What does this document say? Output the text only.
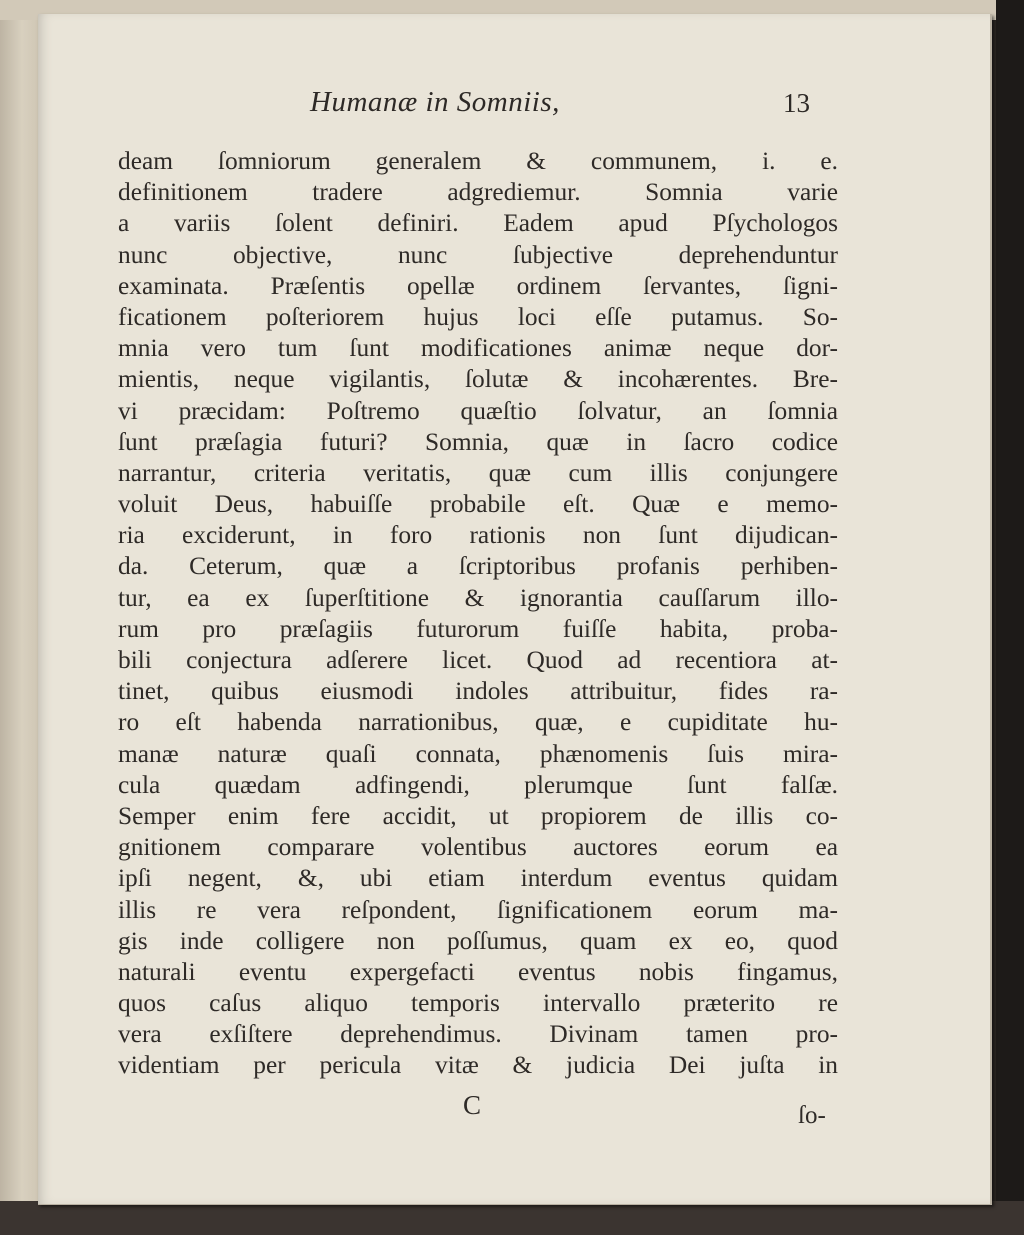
Humanæ in Somniis,	13
deam ſomniorum generalem & communem, i. e.
definitionem tradere adgrediemur. Somnia varie
a variis ſolent definiri. Eadem apud Pſychologos
nunc objective, nunc ſubjective deprehenduntur
examinata. Præſentis opellæ ordinem ſervantes, ſigni-
ficationem poſteriorem hujus loci eſſe putamus. So-
mnia vero tum ſunt modificationes animæ neque dor-
mientis, neque vigilantis, ſolutæ & incohærentes. Bre-
vi præcidam: Poſtremo quæſtio ſolvatur, an ſomnia
ſunt præſagia futuri? Somnia, quæ in ſacro codice
narrantur, criteria veritatis, quæ cum illis conjungere
voluit Deus, habuiſſe probabile eſt. Quæ e memo-
ria exciderunt, in foro rationis non ſunt dijudican-
da. Ceterum, quæ a ſcriptoribus profanis perhiben-
tur, ea ex ſuperſtitione & ignorantia cauſſarum illo-
rum pro præſagiis futurorum fuiſſe habita, proba-
bili conjectura adſerere licet. Quod ad recentiora at-
tinet, quibus eiusmodi indoles attribuitur, fides ra-
ro eſt habenda narrationibus, quæ, e cupiditate hu-
manæ naturæ quaſi connata, phænomenis ſuis mira-
cula quædam adfingendi, plerumque ſunt falſæ.
Semper enim fere accidit, ut propiorem de illis co-
gnitionem comparare volentibus auctores eorum ea
ipſi negent, &, ubi etiam interdum eventus quidam
illis re vera reſpondent, ſignificationem eorum ma-
gis inde colligere non poſſumus, quam ex eo, quod
naturali eventu expergefacti eventus nobis fingamus,
quos caſus aliquo temporis intervallo præterito re
vera exſiſtere deprehendimus. Divinam tamen pro-
videntiam per pericula vitæ & judicia Dei juſta in
C	ſo-
